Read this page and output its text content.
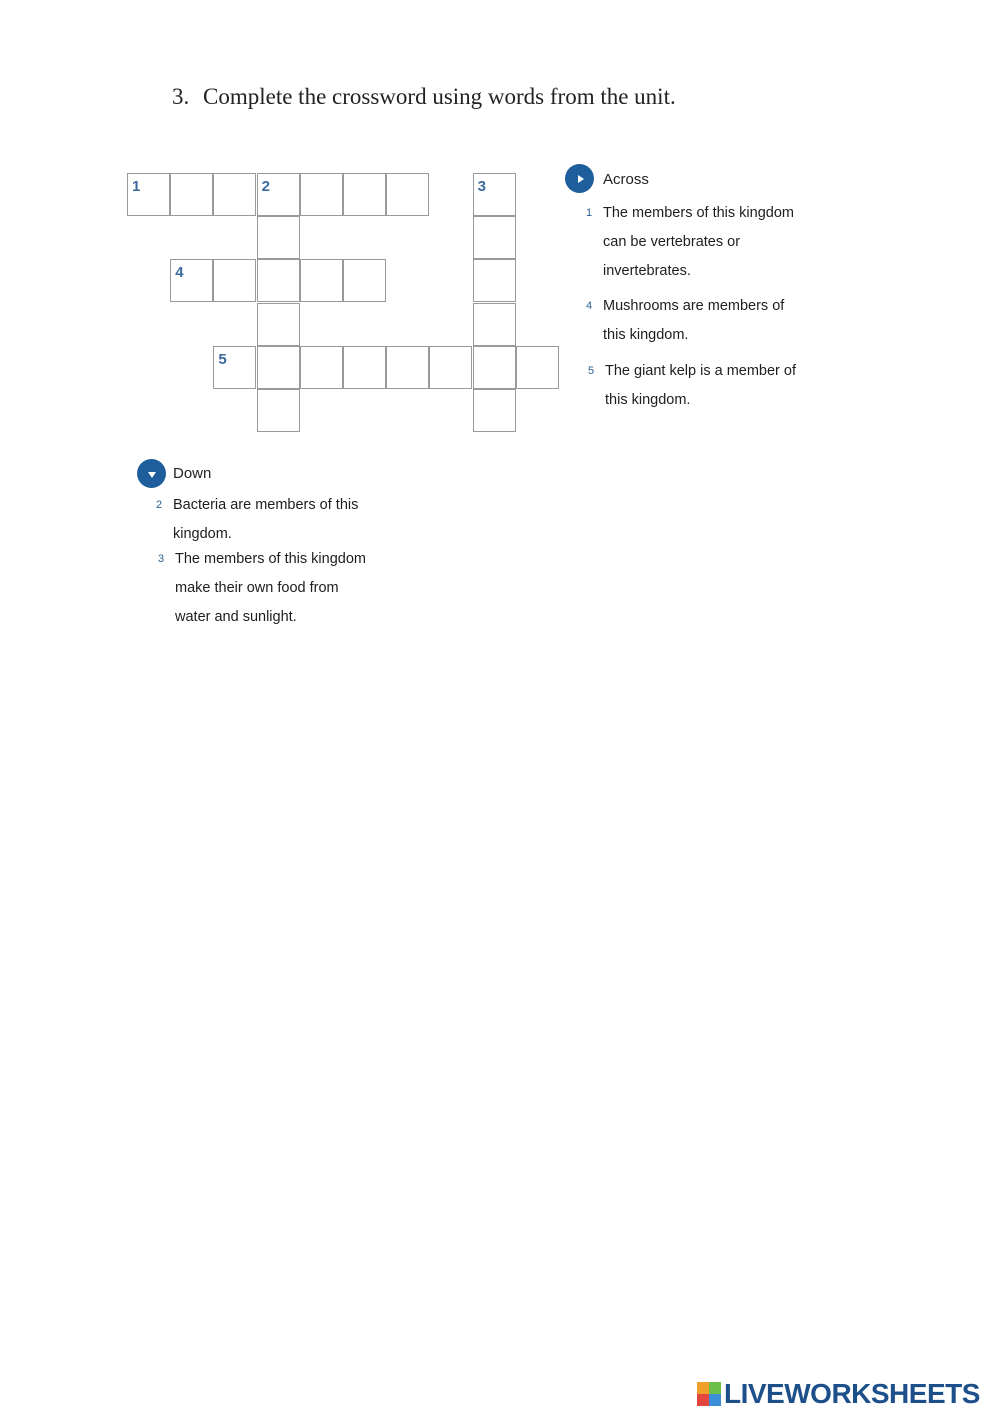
3. Complete the crossword using words from the unit.
1	2	3
4
5
Across
1 The members of this kingdom
can be vertebrates or
invertebrates.
4 Mushrooms are members of
this kingdom.
5 The giant kelp is a member of
this kingdom.
Down
2 Bacteria are members of this
kingdom.
3 The members of this kingdom
make their own food from
water and sunlight.
LIVEWORKSHEETS
